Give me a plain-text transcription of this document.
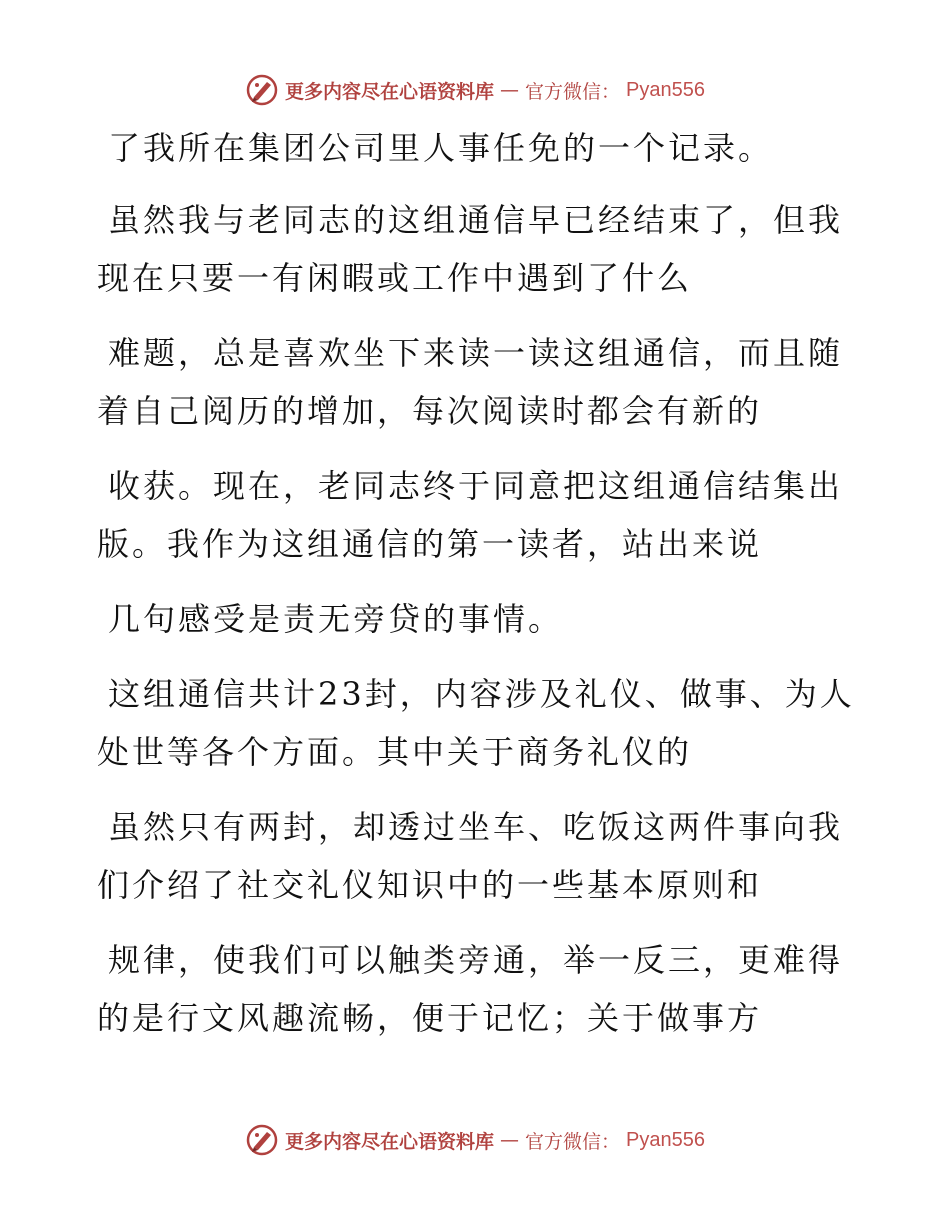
更多内容尽在心语资料库 — 官方微信： Pyan556
了我所在集团公司里人事任免的一个记录。
虽然我与老同志的这组通信早已经结束了，但我
现在只要一有闲暇或工作中遇到了什么
难题，总是喜欢坐下来读一读这组通信，而且随
着自己阅历的增加，每次阅读时都会有新的
收获。现在，老同志终于同意把这组通信结集出
版。我作为这组通信的第一读者，站出来说
几句感受是责无旁贷的事情。
这组通信共计23封，内容涉及礼仪、做事、为人
处世等各个方面。其中关于商务礼仪的
虽然只有两封，却透过坐车、吃饭这两件事向我
们介绍了社交礼仪知识中的一些基本原则和
规律，使我们可以触类旁通，举一反三，更难得
的是行文风趣流畅，便于记忆；关于做事方
更多内容尽在心语资料库 — 官方微信： Pyan556
